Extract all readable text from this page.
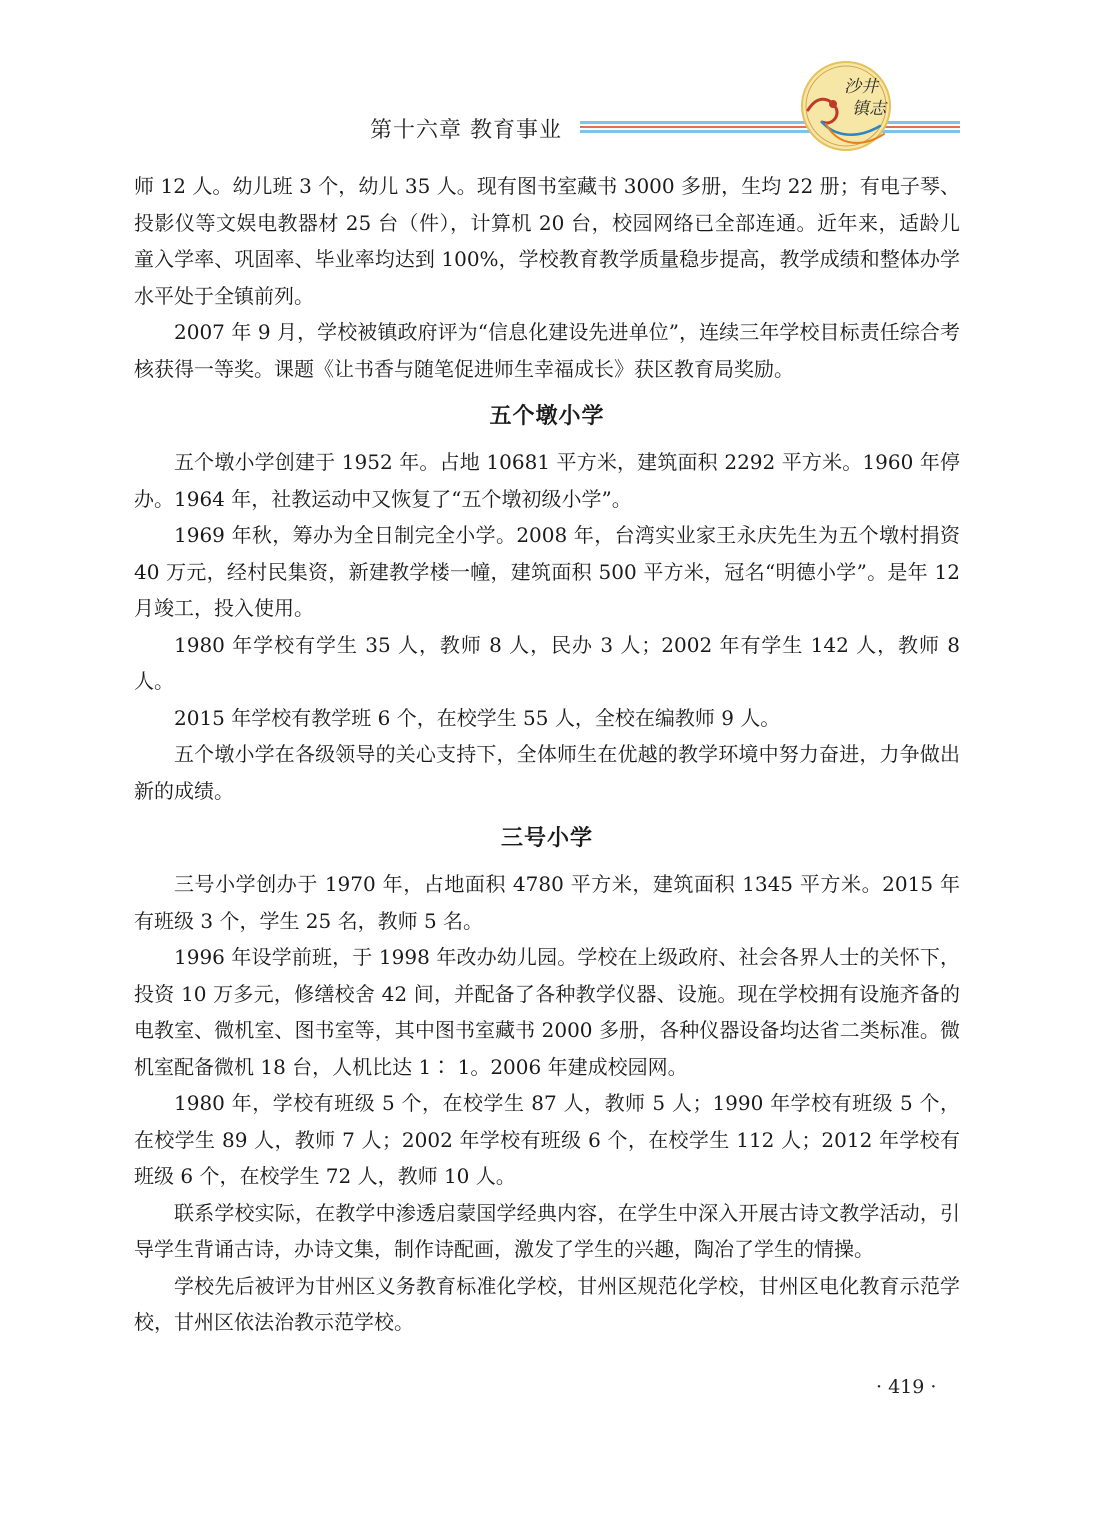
第十六章 教育事业
沙井
镇志

师 12 人。幼儿班 3 个，幼儿 35 人。现有图书室藏书 3000 多册，生均 22 册；有电子琴、投影仪等文娱电教器材 25 台（件），计算机 20 台，校园网络已全部连通。近年来，适龄儿童入学率、巩固率、毕业率均达到 100%，学校教育教学质量稳步提高，教学成绩和整体办学水平处于全镇前列。

2007 年 9 月，学校被镇政府评为“信息化建设先进单位”，连续三年学校目标责任综合考核获得一等奖。课题《让书香与随笔促进师生幸福成长》获区教育局奖励。

五个墩小学

五个墩小学创建于 1952 年。占地 10681 平方米，建筑面积 2292 平方米。1960 年停办。1964 年，社教运动中又恢复了“五个墩初级小学”。

1969 年秋，筹办为全日制完全小学。2008 年，台湾实业家王永庆先生为五个墩村捐资 40 万元，经村民集资，新建教学楼一幢，建筑面积 500 平方米，冠名“明德小学”。是年 12 月竣工，投入使用。

1980 年学校有学生 35 人，教师 8 人，民办 3 人；2002 年有学生 142 人，教师 8 人。

2015 年学校有教学班 6 个，在校学生 55 人，全校在编教师 9 人。

五个墩小学在各级领导的关心支持下，全体师生在优越的教学环境中努力奋进，力争做出新的成绩。

三号小学

三号小学创办于 1970 年，占地面积 4780 平方米，建筑面积 1345 平方米。2015 年有班级 3 个，学生 25 名，教师 5 名。

1996 年设学前班，于 1998 年改办幼儿园。学校在上级政府、社会各界人士的关怀下，投资 10 万多元，修缮校舍 42 间，并配备了各种教学仪器、设施。现在学校拥有设施齐备的电教室、微机室、图书室等，其中图书室藏书 2000 多册，各种仪器设备均达省二类标准。微机室配备微机 18 台，人机比达 1∶ 1。2006 年建成校园网。

1980 年，学校有班级 5 个，在校学生 87 人，教师 5 人；1990 年学校有班级 5 个，在校学生 89 人，教师 7 人；2002 年学校有班级 6 个，在校学生 112 人；2012 年学校有班级 6 个，在校学生 72 人，教师 10 人。

联系学校实际，在教学中渗透启蒙国学经典内容，在学生中深入开展古诗文教学活动，引导学生背诵古诗，办诗文集，制作诗配画，激发了学生的兴趣，陶冶了学生的情操。

学校先后被评为甘州区义务教育标准化学校，甘州区规范化学校，甘州区电化教育示范学校，甘州区依法治教示范学校。

· 419 ·
